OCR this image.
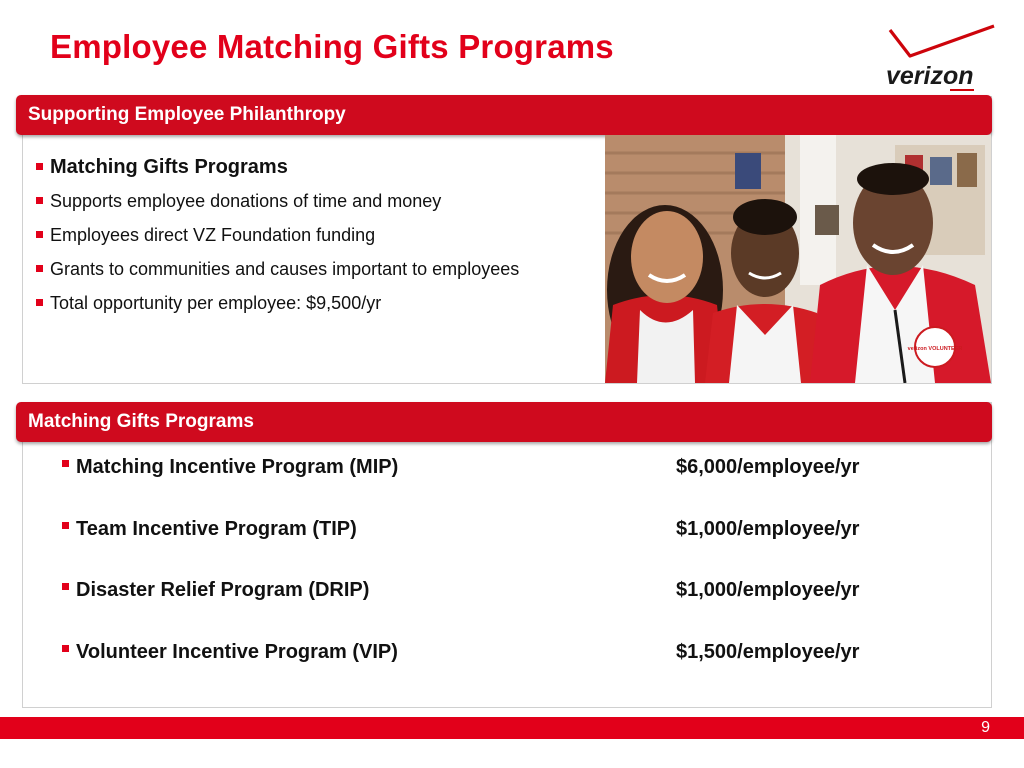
Employee Matching Gifts Programs
verizon
Supporting Employee Philanthropy
Matching Gifts Programs
Supports employee donations of time and money
Employees direct VZ Foundation funding
Grants to communities and causes important to employees
Total opportunity per employee: $9,500/yr
verizon VOLUNTEER
Matching Gifts Programs
Matching Incentive Program (MIP)	$6,000/employee/yr
Team Incentive Program (TIP)	$1,000/employee/yr
Disaster Relief Program (DRIP)	$1,000/employee/yr
Volunteer Incentive Program (VIP)	$1,500/employee/yr
9
